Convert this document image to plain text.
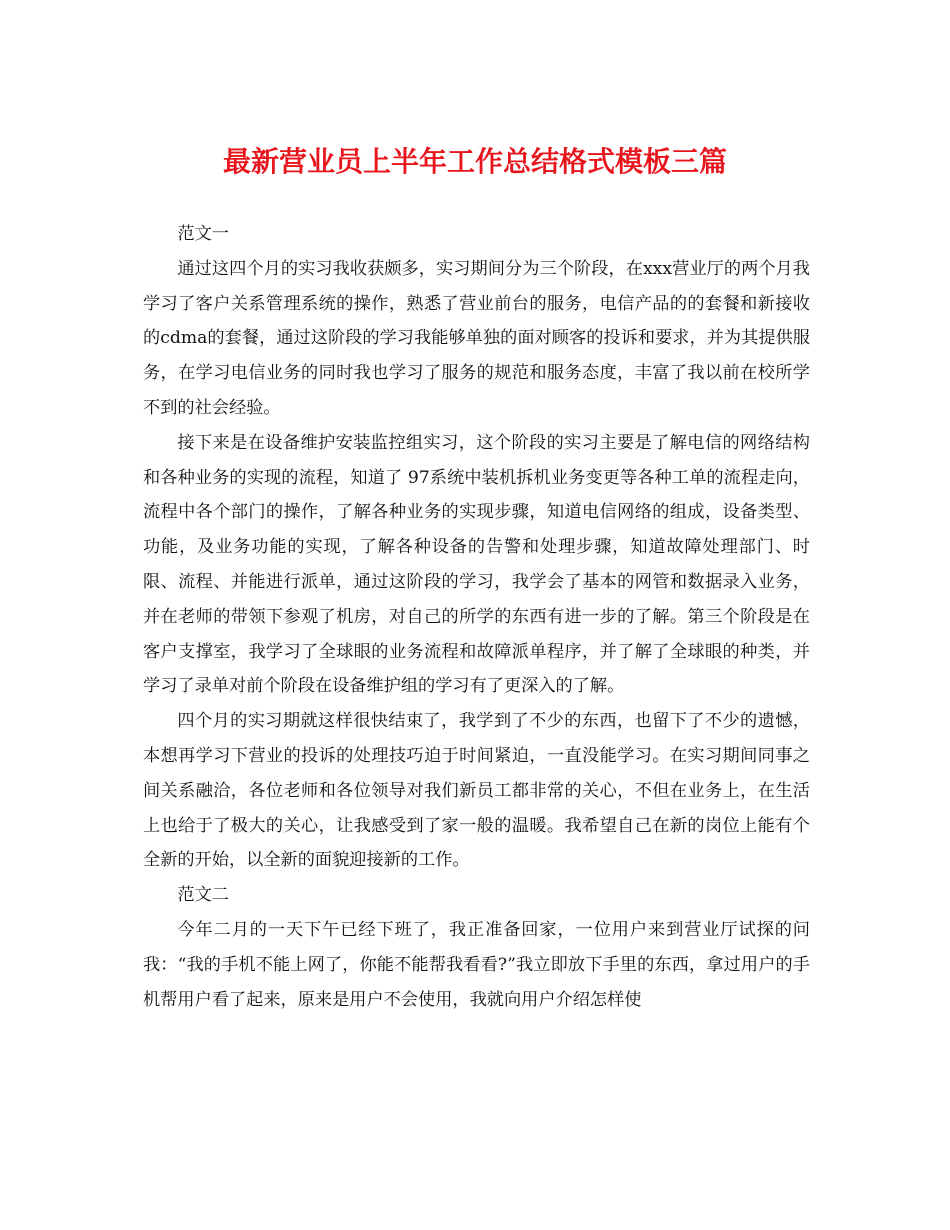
最新营业员上半年工作总结格式模板三篇

范文一

通过这四个月的实习我收获颇多，实习期间分为三个阶段，在xxx营业厅的两个月我学习了客户关系管理系统的操作，熟悉了营业前台的服务，电信产品的的套餐和新接收的cdma的套餐，通过这阶段的学习我能够单独的面对顾客的投诉和要求，并为其提供服务，在学习电信业务的同时我也学习了服务的规范和服务态度，丰富了我以前在校所学不到的社会经验。

接下来是在设备维护安装监控组实习，这个阶段的实习主要是了解电信的网络结构和各种业务的实现的流程，知道了 97系统中装机拆机业务变更等各种工单的流程走向，流程中各个部门的操作，了解各种业务的实现步骤，知道电信网络的组成，设备类型、功能，及业务功能的实现，了解各种设备的告警和处理步骤，知道故障处理部门、时限、流程、并能进行派单，通过这阶段的学习，我学会了基本的网管和数据录入业务，并在老师的带领下参观了机房，对自己的所学的东西有进一步的了解。第三个阶段是在客户支撑室，我学习了全球眼的业务流程和故障派单程序，并了解了全球眼的种类，并学习了录单对前个阶段在设备维护组的学习有了更深入的了解。

四个月的实习期就这样很快结束了，我学到了不少的东西，也留下了不少的遗憾，本想再学习下营业的投诉的处理技巧迫于时间紧迫，一直没能学习。在实习期间同事之间关系融洽，各位老师和各位领导对我们新员工都非常的关心，不但在业务上，在生活上也给于了极大的关心，让我感受到了家一般的温暖。我希望自己在新的岗位上能有个全新的开始，以全新的面貌迎接新的工作。

范文二

今年二月的一天下午已经下班了，我正准备回家，一位用户来到营业厅试探的问我：“我的手机不能上网了，你能不能帮我看看?”我立即放下手里的东西，拿过用户的手机帮用户看了起来，原来是用户不会使用，我就向用户介绍怎样使
